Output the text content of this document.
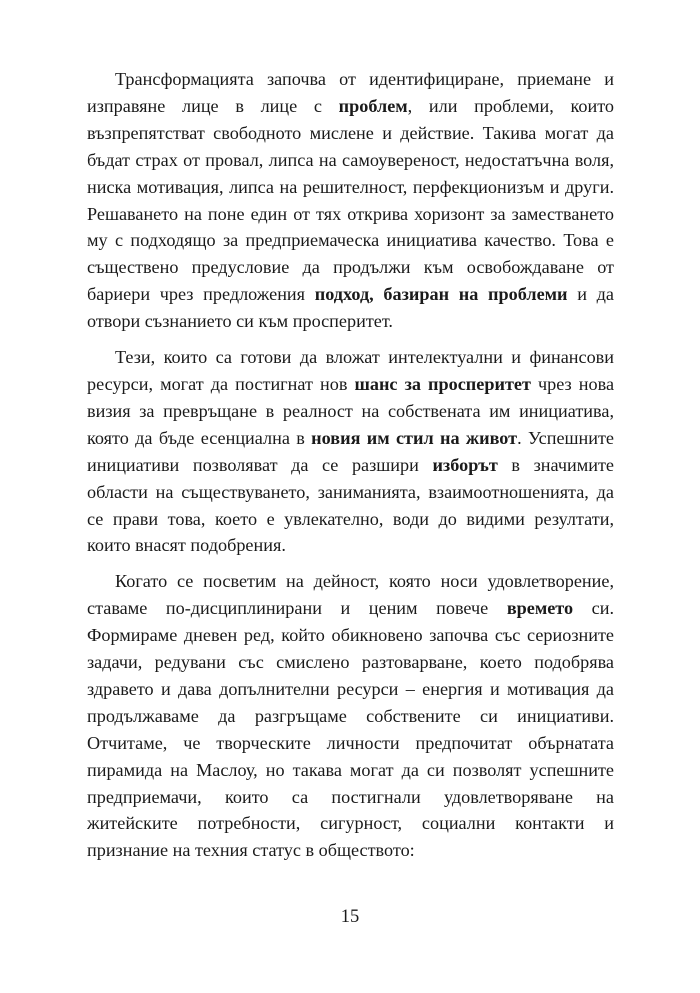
Трансформацията започва от идентифициране, приемане и изправяне лице в лице с проблем, или проблеми, които възпрепятстват свободното мислене и действие. Такива могат да бъдат страх от провал, липса на самоувереност, недостатъчна воля, ниска мотивация, липса на решителност, перфекционизъм и други. Решаването на поне един от тях открива хоризонт за заместването му с подходящо за предприемаческа инициатива качество. Това е съществено предусловие да продължи към освобождаване от бариери чрез предложения подход, базиран на проблеми и да отвори съзнанието си към просперитет.

Тези, които са готови да вложат интелектуални и финансови ресурси, могат да постигнат нов шанс за просперитет чрез нова визия за превръщане в реалност на собствената им инициатива, която да бъде есенциална в новия им стил на живот. Успешните инициативи позволяват да се разшири изборът в значимите области на съществуването, заниманията, взаимоотношенията, да се прави това, което е увлекателно, води до видими резултати, които внасят подобрения.

Когато се посветим на дейност, която носи удовлетворение, ставаме по-дисциплинирани и ценим повече времето си. Формираме дневен ред, който обикновено започва със сериозните задачи, редувани със смислено разтоварване, което подобрява здравето и дава допълнителни ресурси – енергия и мотивация да продължаваме да разгръщаме собствените си инициативи. Отчитаме, че творческите личности предпочитат обърнатата пирамида на Маслоу, но такава могат да си позволят успешните предприемачи, които са постигнали удовлетворяване на житейските потребности, сигурност, социални контакти и признание на техния статус в обществото:

15
